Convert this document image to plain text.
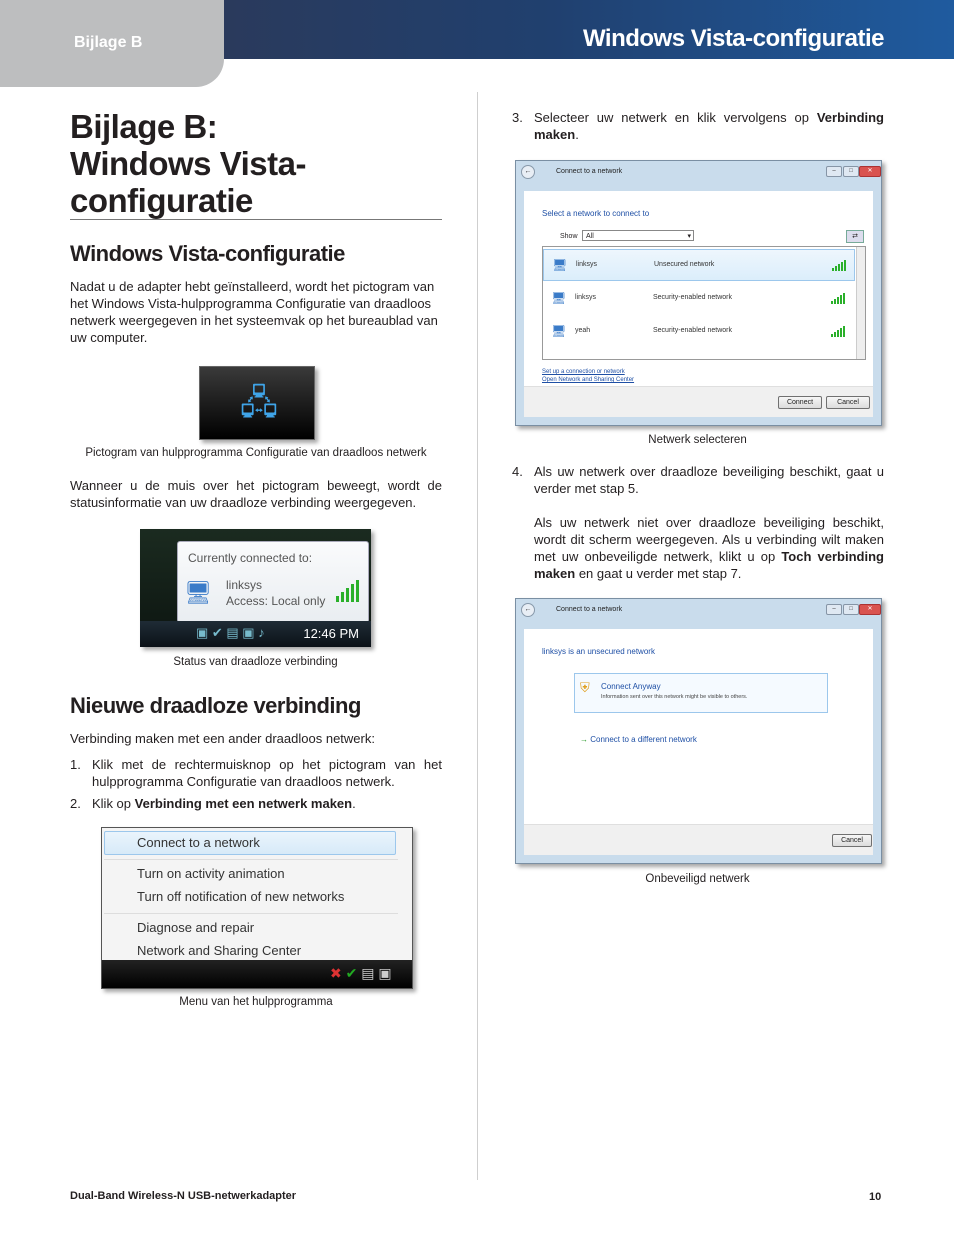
Bijlage B	Windows Vista-configuratie
Bijlage B:
Windows Vista-
configuratie
Windows Vista-configuratie
Nadat u de adapter hebt geïnstalleerd, wordt het pictogram van het Windows Vista-hulpprogramma Configuratie van draadloos netwerk weergegeven in het systeemvak op het bureaublad van uw computer.
🖧
Pictogram van hulpprogramma Configuratie van draadloos netwerk
Wanneer u de muis over het pictogram beweegt, wordt de statusinformatie van uw draadloze verbinding weergegeven.
Currently connected to:
🖥 linksys
Access: Local only
▣ ✔ ▤ ▣ ♪	12:46 PM
Status van draadloze verbinding
Nieuwe draadloze verbinding
Verbinding maken met een ander draadloos netwerk:
1. Klik met de rechtermuisknop op het pictogram van het hulpprogramma Configuratie van draadloos netwerk.
2. Klik op Verbinding met een netwerk maken.
Connect to a network
Turn on activity animation
Turn off notification of new networks
Diagnose and repair
Network and Sharing Center
✖ ✔ ▤ ▣
Menu van het hulpprogramma
3. Selecteer uw netwerk en klik vervolgens op Verbinding maken.
←	Connect to a network	–	□	✕
Select a network to connect to
Show	All	▾	⇄
🖥 linksys	Unsecured network
🖥 linksys	Security-enabled network
🖥 yeah	Security-enabled network
Set up a connection or network
Open Network and Sharing Center
Connect	Cancel
Netwerk selecteren
4. Als uw netwerk over draadloze beveiliging beschikt, gaat u verder met stap 5.
Als uw netwerk niet over draadloze beveiliging beschikt, wordt dit scherm weergegeven. Als u verbinding wilt maken met uw onbeveiligde netwerk, klikt u op Toch verbinding maken en gaat u verder met stap 7.
←	Connect to a network	–	□	✕
linksys is an unsecured network
⛨ Connect Anyway
Information sent over this network might be visible to others.
→ Connect to a different network
Cancel
Onbeveiligd netwerk
Dual-Band Wireless-N USB-netwerkadapter	10
